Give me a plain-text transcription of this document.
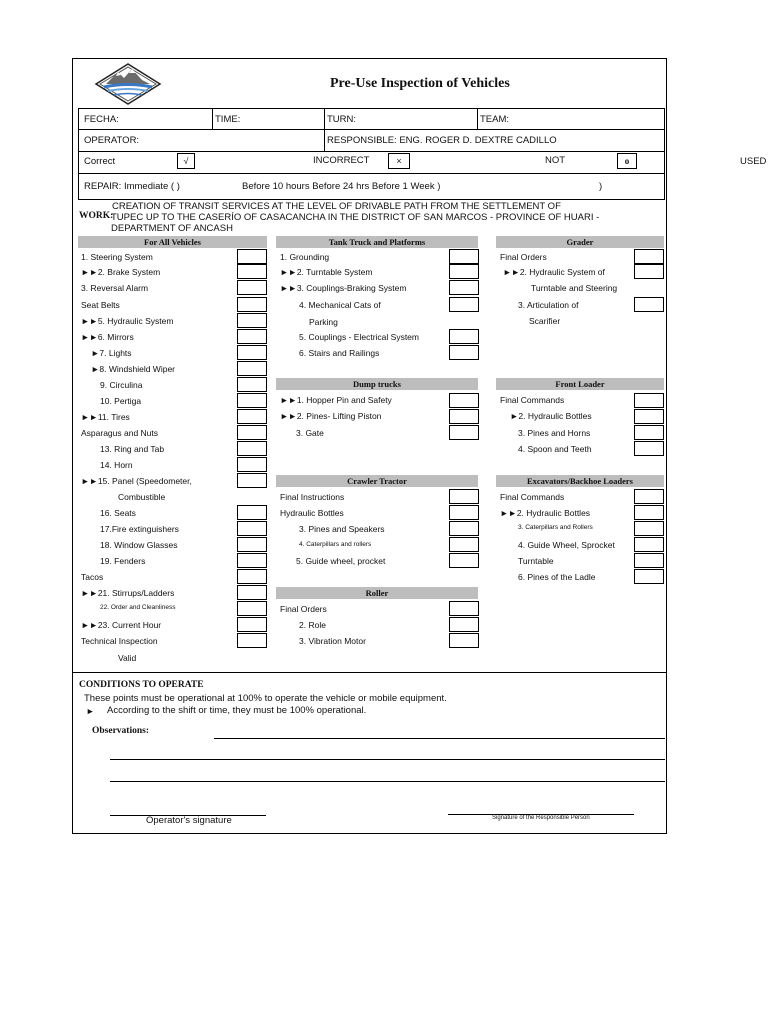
Pre-Use Inspection of Vehicles
FECHA:	TIME:	TURN:	TEAM:
OPERATOR:	RESPONSIBLE: ENG. ROGER D. DEXTRE CADILLO
Correct	√	INCORRECT	×	NOT	o	USED
REPAIR: Immediate ( )	Before 10 hours Before 24 hrs Before 1 Week )	)
WORK:
CREATION OF TRANSIT SERVICES AT THE LEVEL OF DRIVABLE PATH FROM THE SETTLEMENT OF
TUPEC UP TO THE CASERÍO OF CASACANCHA IN THE DISTRICT OF SAN MARCOS - PROVINCE OF HUARI -
DEPARTMENT OF ANCASH
For All Vehicles	Tank Truck and Platforms	Grader
Dump trucks	Front Loader
Crawler Tractor	Excavators/Backhoe Loaders
Roller
1. Steering System
►►2. Brake System
3. Reversal Alarm
Seat Belts
►►5. Hydraulic System
►►6. Mirrors
►7. Lights
►8. Windshield Wiper
9. Circulina
10. Pertiga
►►11. Tires
Asparagus and Nuts
13. Ring and Tab
14. Horn
►►15. Panel (Speedometer,
Combustible
16. Seats
17.Fire extinguishers
18. Window Glasses
19. Fenders
Tacos
►►21. Stirrups/Ladders
22. Order and Cleanliness
►►23. Current Hour
Technical Inspection
Valid
1. Grounding
►►2. Turntable System
►►3. Couplings-Braking System
4. Mechanical Cats of
Parking
5. Couplings - Electrical System
6. Stairs and Railings
►►1. Hopper Pin and Safety
►►2. Pines- Lifting Piston
3. Gate
Final Instructions
Hydraulic Bottles
3. Pines and Speakers
4. Caterpillars and rollers
5. Guide wheel, procket
Final Orders
2. Role
3. Vibration Motor
Final Orders
►►2. Hydraulic System of
Turntable and Steering
3. Articulation of
Scarifier
Final Commands
►2. Hydraulic Bottles
3. Pines and Horns
4. Spoon and Teeth
Final Commands
►►2. Hydraulic Bottles
3. Caterpillars and Rollers
4. Guide Wheel, Sprocket
Turntable
6. Pines of the Ladle
CONDITIONS TO OPERATE
These points must be operational at 100% to operate the vehicle or mobile equipment.
► According to the shift or time, they must be 100% operational.
Observations:
Operator's signature	Signature of the Responsible Person
